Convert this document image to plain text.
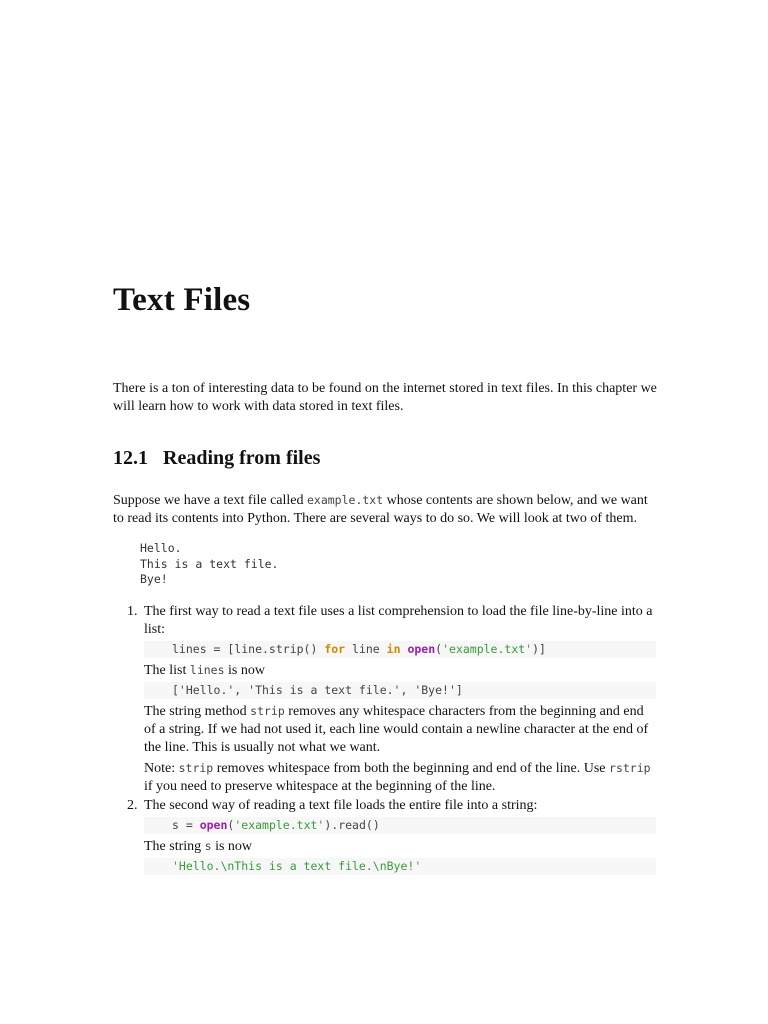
Text Files

There is a ton of interesting data to be found on the internet stored in text files. In this chapter we will learn how to work with data stored in text files.

12.1 Reading from files

Suppose we have a text file called example.txt whose contents are shown below, and we want to read its contents into Python. There are several ways to do so. We will look at two of them.

Hello.
This is a text file.
Bye!
1. The first way to read a text file uses a list comprehension to load the file line-by-line into a list:

lines = [line.strip() for line in open('example.txt')]

The list lines is now

['Hello.', 'This is a text file.', 'Bye!']

The string method strip removes any whitespace characters from the beginning and end of a string. If we had not used it, each line would contain a newline character at the end of the line. This is usually not what we want.

Note: strip removes whitespace from both the beginning and end of the line. Use rstrip if you need to preserve whitespace at the beginning of the line.

2. The second way of reading a text file loads the entire file into a string:

s = open('example.txt').read()

The string s is now

'Hello.\nThis is a text file.\nBye!'
